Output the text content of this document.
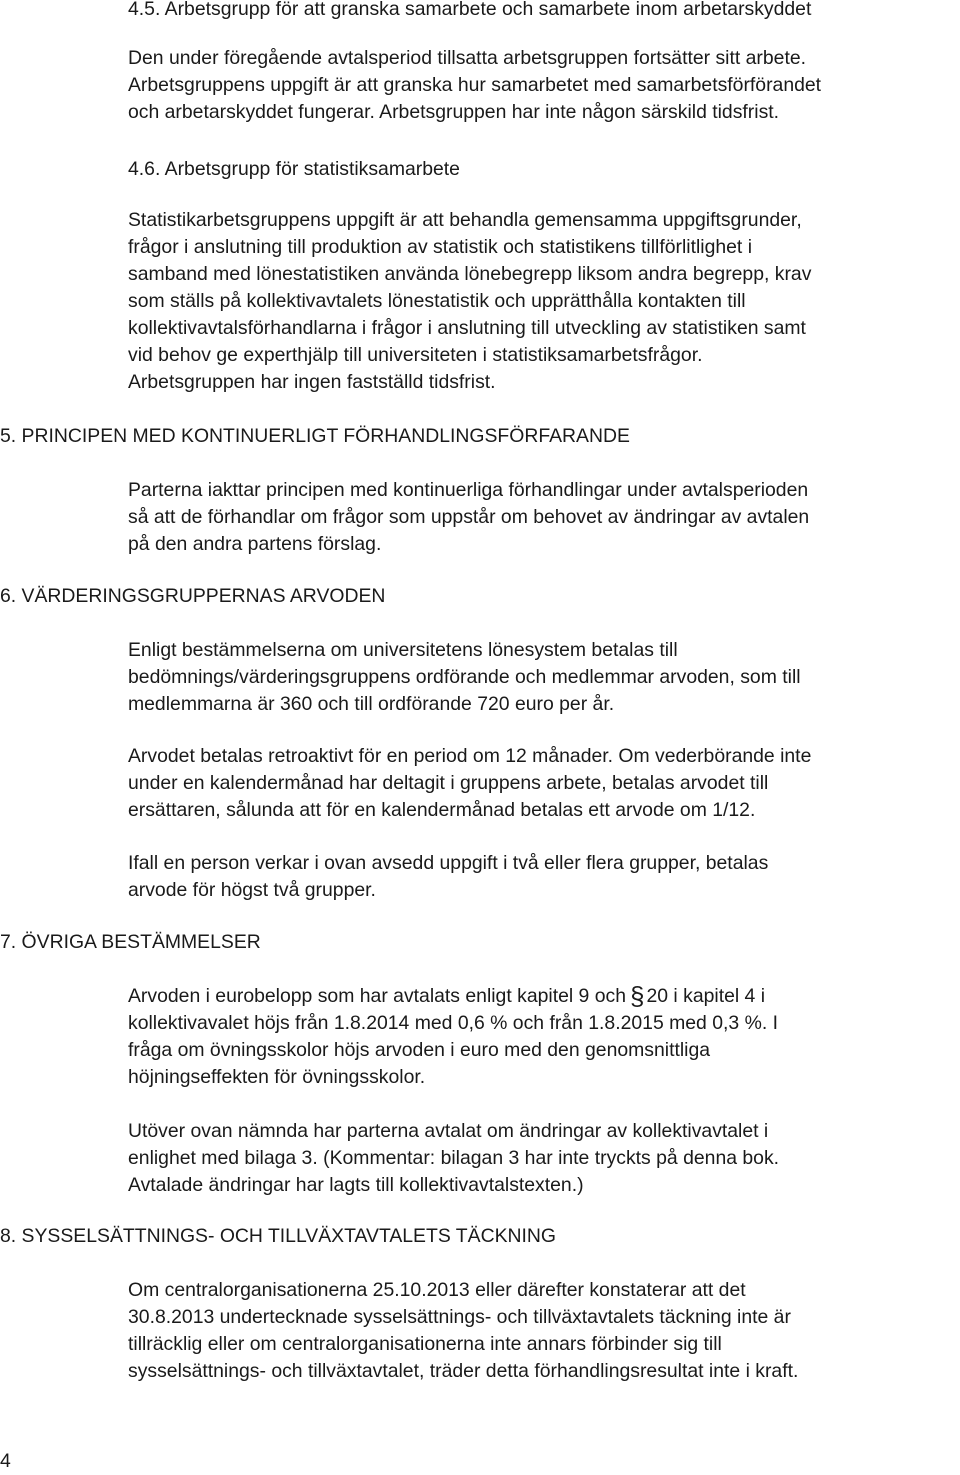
4.5. Arbetsgrupp för att granska samarbete och samarbete inom arbetarskyddet

Den under föregående avtalsperiod tillsatta arbetsgruppen fortsätter sitt arbete.
Arbetsgruppens uppgift är att granska hur samarbetet med samarbetsförförandet
och arbetarskyddet fungerar. Arbetsgruppen har inte någon särskild tidsfrist.

4.6. Arbetsgrupp för statistiksamarbete

Statistikarbetsgruppens uppgift är att behandla gemensamma uppgiftsgrunder,
frågor i anslutning till produktion av statistik och statistikens tillförlitlighet i
samband med lönestatistiken använda lönebegrepp liksom andra begrepp, krav
som ställs på kollektivavtalets lönestatistik och upprätthålla kontakten till
kollektivavtalsförhandlarna i frågor i anslutning till utveckling av statistiken samt
vid behov ge experthjälp till universiteten i statistiksamarbetsfrågor.
Arbetsgruppen har ingen fastställd tidsfrist.

5. PRINCIPEN MED KONTINUERLIGT FÖRHANDLINGSFÖRFARANDE

Parterna iakttar principen med kontinuerliga förhandlingar under avtalsperioden
så att de förhandlar om frågor som uppstår om behovet av ändringar av avtalen
på den andra partens förslag.

6. VÄRDERINGSGRUPPERNAS ARVODEN

Enligt bestämmelserna om universitetens lönesystem betalas till
bedömnings/värderingsgruppens ordförande och medlemmar arvoden, som till
medlemmarna är 360 och till ordförande 720 euro per år.

Arvodet betalas retroaktivt för en period om 12 månader. Om vederbörande inte
under en kalendermånad har deltagit i gruppens arbete, betalas arvodet till
ersättaren, sålunda att för en kalendermånad betalas ett arvode om 1/12.

Ifall en person verkar i ovan avsedd uppgift i två eller flera grupper, betalas
arvode för högst två grupper.

7. ÖVRIGA BESTÄMMELSER

Arvoden i eurobelopp som har avtalats enligt kapitel 9 och § 20 i kapitel 4 i
kollektivavalet höjs från 1.8.2014 med 0,6 % och från 1.8.2015 med 0,3 %. I
fråga om övningsskolor höjs arvoden i euro med den genomsnittliga
höjningseffekten för övningsskolor.

Utöver ovan nämnda har parterna avtalat om ändringar av kollektivavtalet i
enlighet med bilaga 3. (Kommentar: bilagan 3 har inte tryckts på denna bok.
Avtalade ändringar har lagts till kollektivavtalstexten.)

8. SYSSELSÄTTNINGS- OCH TILLVÄXTAVTALETS TÄCKNING

Om centralorganisationerna 25.10.2013 eller därefter konstaterar att det
30.8.2013 undertecknade sysselsättnings- och tillväxtavtalets täckning inte är
tillräcklig eller om centralorganisationerna inte annars förbinder sig till
sysselsättnings- och tillväxtavtalet, träder detta förhandlingsresultat inte i kraft.

4
